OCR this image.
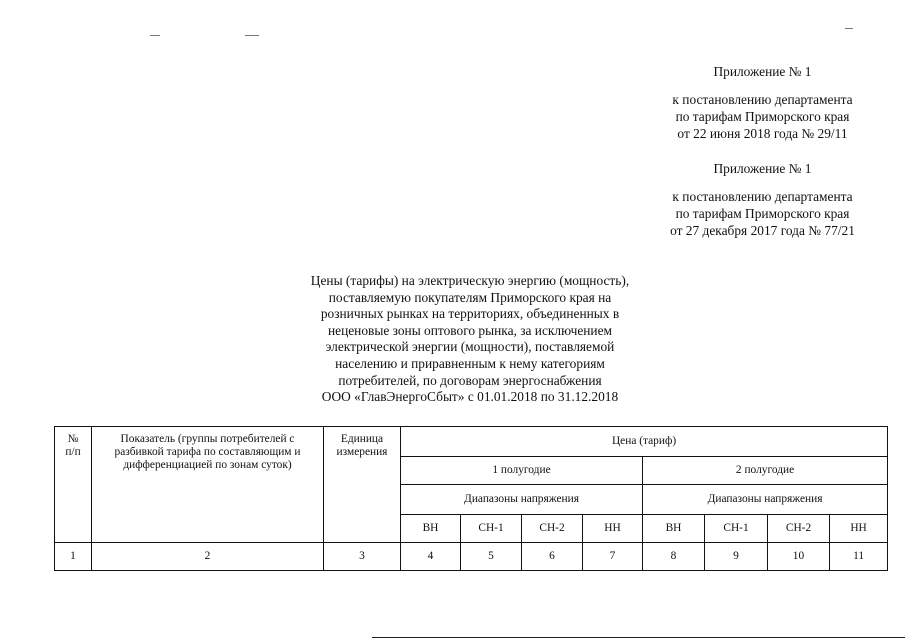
Приложение № 1
к постановлению департамента
по тарифам Приморского края
от 22 июня 2018 года № 29/11
Приложение № 1
к постановлению департамента
по тарифам Приморского края
от 27 декабря 2017 года № 77/21
Цены (тарифы) на электрическую энергию (мощность),
поставляемую покупателям Приморского края на
розничных рынках на территориях, объединенных в
неценовые зоны оптового рынка, за исключением
электрической энергии (мощности), поставляемой
населению и приравненным к нему категориям
потребителей, по договорам энергоснабжения
ООО «ГлавЭнергоСбыт» с 01.01.2018 по 31.12.2018
№
п/п	Показатель (группы потребителей с
разбивкой тарифа по составляющим и
дифференциацией по зонам суток)	Единица
измерения	Цена (тариф)							
			1 полугодие				2 полугодие			
			Диапазоны напряжения				Диапазоны напряжения			
			ВН	СН-1	СН-2	НН	ВН	СН-1	СН-2	НН
1	2	3	4	5	6	7	8	9	10	11
